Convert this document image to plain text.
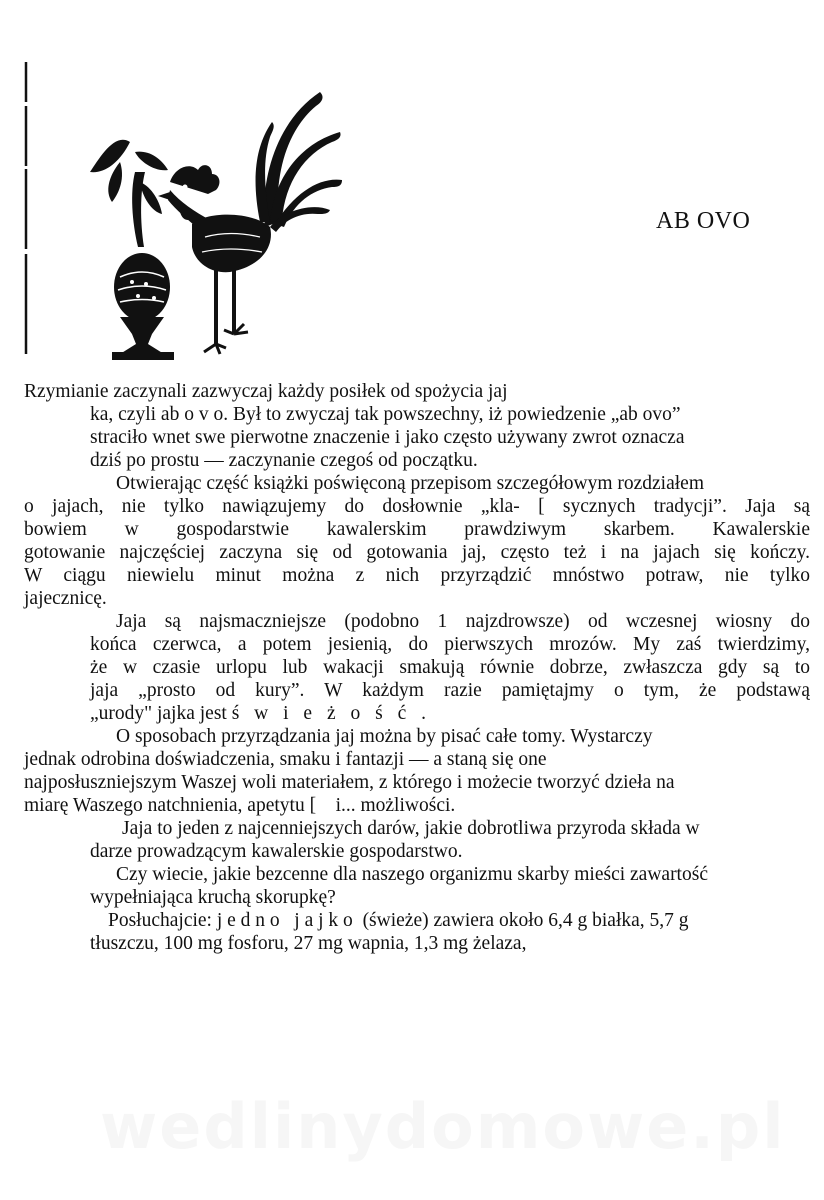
AB OVO
Rzymianie zaczynali zazwyczaj każdy posiłek od spożycia jaj
ka, czyli ab o v o. Był to zwyczaj tak powszechny, iż powiedzenie „ab ovo”
straciło wnet swe pierwotne znaczenie i jako często używany zwrot oznacza
dziś po prostu — zaczynanie czegoś od początku.
Otwierając część książki poświęconą przepisom szczegółowym rozdziałem
o jajach, nie tylko nawiązujemy do dosłownie „kla- [ sycznych tradycji”. Jaja są
bowiem w gospodarstwie kawalerskim prawdziwym skarbem. Kawalerskie
gotowanie najczęściej zaczyna się od gotowania jaj, często też i na jajach się kończy.
W ciągu niewielu minut można z nich przyrządzić mnóstwo potraw, nie tylko
jajecznicę.
Jaja są najsmaczniejsze (podobno 1 najzdrowsze) od wczesnej wiosny do
końca czerwca, a potem jesienią, do pierwszych mrozów. My zaś twierdzimy,
że w czasie urlopu lub wakacji smakują równie dobrze, zwłaszcza gdy są to
jaja „prosto od kury”. W każdym razie pamiętajmy o tym, że podstawą
„urody" jajka jest ś w i e ż o ś ć .
O sposobach przyrządzania jaj można by pisać całe tomy. Wystarczy
jednak odrobina doświadczenia, smaku i fantazji — a staną się one
najposłuszniejszym Waszej woli materiałem, z którego i możecie tworzyć dzieła na
miarę Waszego natchnienia, apetytu [    i... możliwości.
Jaja to jeden z najcenniejszych darów, jakie dobrotliwa przyroda składa w
darze prowadzącym kawalerskie gospodarstwo.
Czy wiecie, jakie bezcenne dla naszego organizmu skarby mieści zawartość
wypełniająca kruchą skorupkę?
Posłuchajcie: j e d n o   j a j k o (świeże) zawiera około 6,4 g białka, 5,7 g
tłuszczu, 100 mg fosforu, 27 mg wapnia, 1,3 mg żelaza,
wedlinydomowe.pl
